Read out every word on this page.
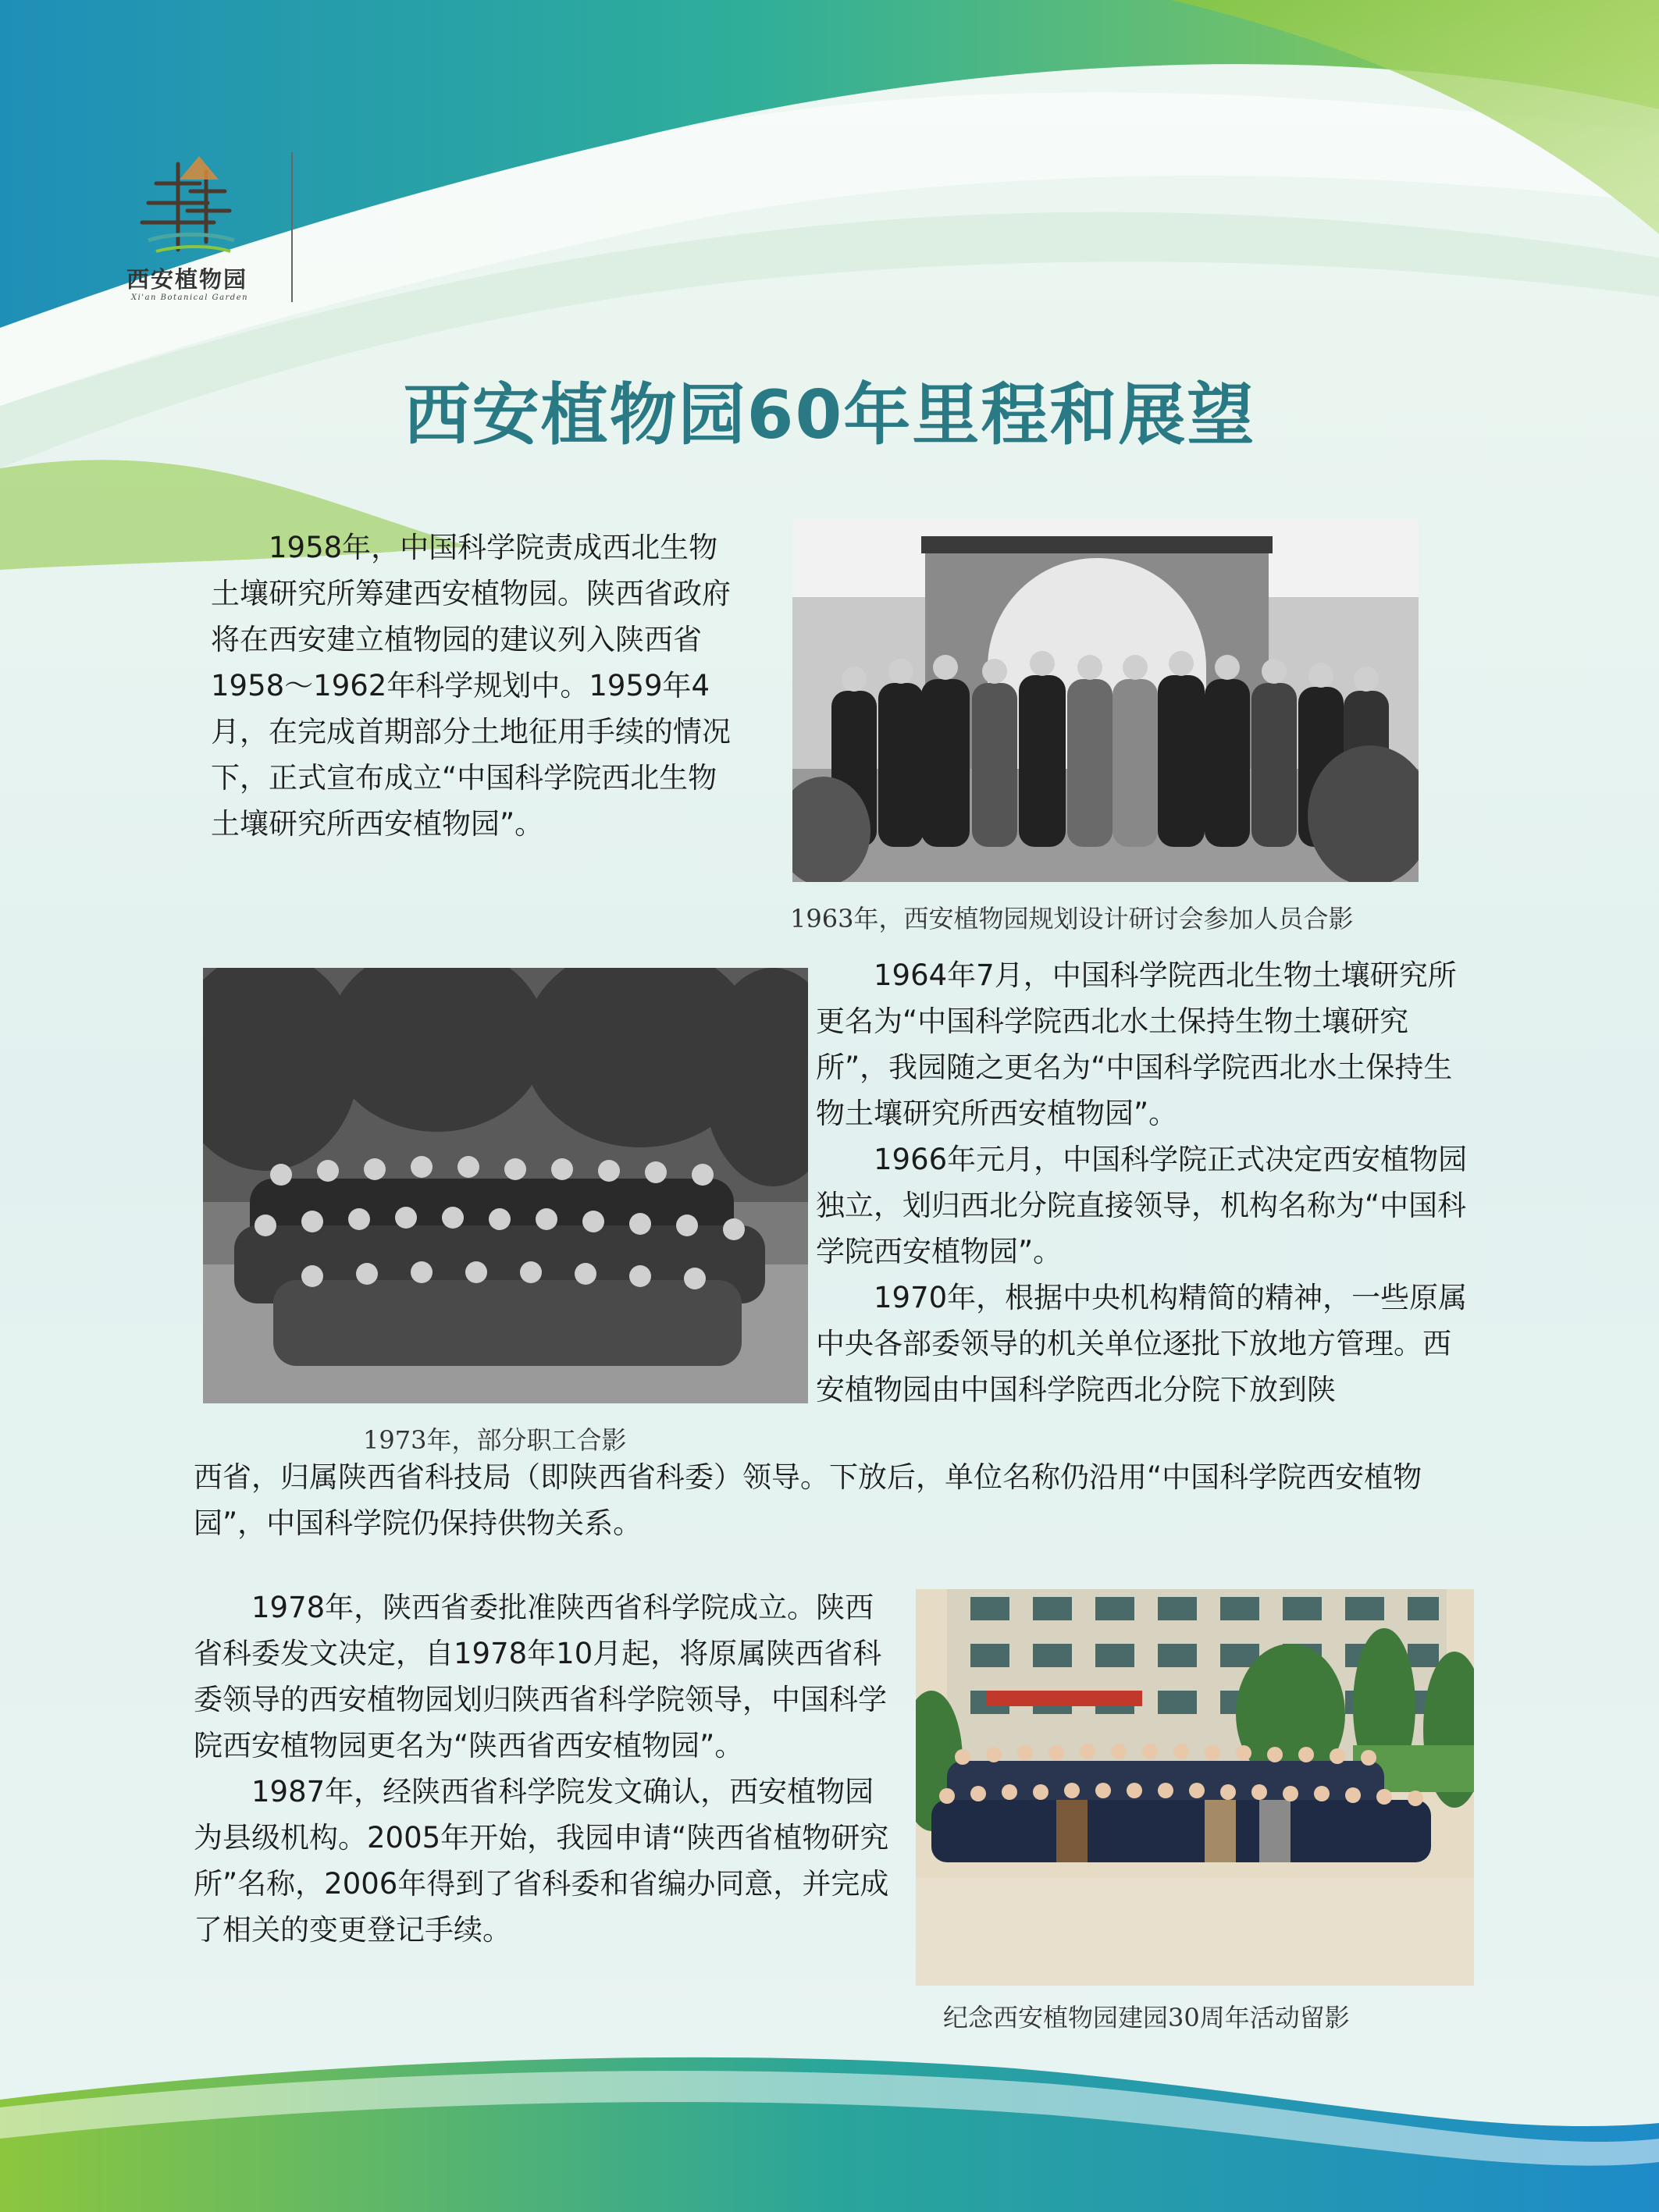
西安植物园
Xi'an Botanical Garden
西安植物园60年里程和展望

1958年，中国科学院责成西北生物土壤研究所筹建西安植物园。陕西省政府将在西安建立植物园的建议列入陕西省1958～1962年科学规划中。1959年4月，在完成首期部分土地征用手续的情况下，正式宣布成立“中国科学院西北生物土壤研究所西安植物园”。

1963年，西安植物园规划设计研讨会参加人员合影
1973年，部分职工合影

1964年7月，中国科学院西北生物土壤研究所更名为“中国科学院西北水土保持生物土壤研究所”，我园随之更名为“中国科学院西北水土保持生物土壤研究所西安植物园”。

1966年元月，中国科学院正式决定西安植物园独立，划归西北分院直接领导，机构名称为“中国科学院西安植物园”。

1970年，根据中央机构精简的精神，一些原属中央各部委领导的机关单位逐批下放地方管理。西安植物园由中国科学院西北分院下放到陕

西省，归属陕西省科技局（即陕西省科委）领导。下放后，单位名称仍沿用“中国科学院西安植物园”，中国科学院仍保持供物关系。

1978年，陕西省委批准陕西省科学院成立。陕西省科委发文决定，自1978年10月起，将原属陕西省科委领导的西安植物园划归陕西省科学院领导，中国科学院西安植物园更名为“陕西省西安植物园”。

1987年，经陕西省科学院发文确认，西安植物园为县级机构。2005年开始，我园申请“陕西省植物研究所”名称，2006年得到了省科委和省编办同意，并完成了相关的变更登记手续。

纪念西安植物园建园30周年活动留影
